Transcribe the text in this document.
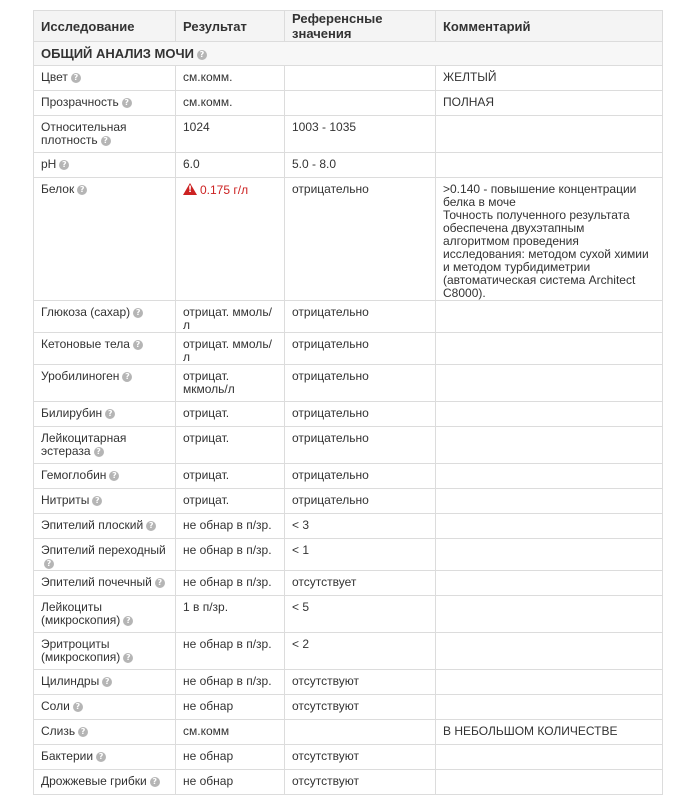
Исследование	Результат	Референсные значения	Комментарий
ОБЩИЙ АНАЛИЗ МОЧИ ?			
Цвет ?	см.комм.		ЖЕЛТЫЙ
Прозрачность ?	см.комм.		ПОЛНАЯ
Относительная плотность ?	1024	1003 - 1035	
pH ?	6.0	5.0 - 8.0	
Белок ?	!0.175 г/л	отрицательно	>0.140 - повышение концентрации белка в моче
Точность полученного результата обеспечена двухэтапным алгоритмом проведения исследования: методом сухой химии и методом турбидиметрии (автоматическая система Architect C8000).
Глюкоза (сахар) ?	отрицат. ммоль/л	отрицательно	
Кетоновые тела ?	отрицат. ммоль/л	отрицательно	
Уробилиноген ?	отрицат. мкмоль/л	отрицательно	
Билирубин ?	отрицат.	отрицательно	
Лейкоцитарная эстераза ?	отрицат.	отрицательно	
Гемоглобин ?	отрицат.	отрицательно	
Нитриты ?	отрицат.	отрицательно	
Эпителий плоский ?	не обнар в п/зр.	< 3	
Эпителий переходный?	не обнар в п/зр.	< 1	
Эпителий почечный ?	не обнар в п/зр.	отсутствует	
Лейкоциты (микроскопия) ?	1 в п/зр.	< 5	
Эритроциты (микроскопия) ?	не обнар в п/зр.	< 2	
Цилиндры ?	не обнар в п/зр.	отсутствуют	
Соли ?	не обнар	отсутствуют	
Слизь ?	см.комм		В НЕБОЛЬШОМ КОЛИЧЕСТВЕ
Бактерии ?	не обнар	отсутствуют	
Дрожжевые грибки ?	не обнар	отсутствуют	
